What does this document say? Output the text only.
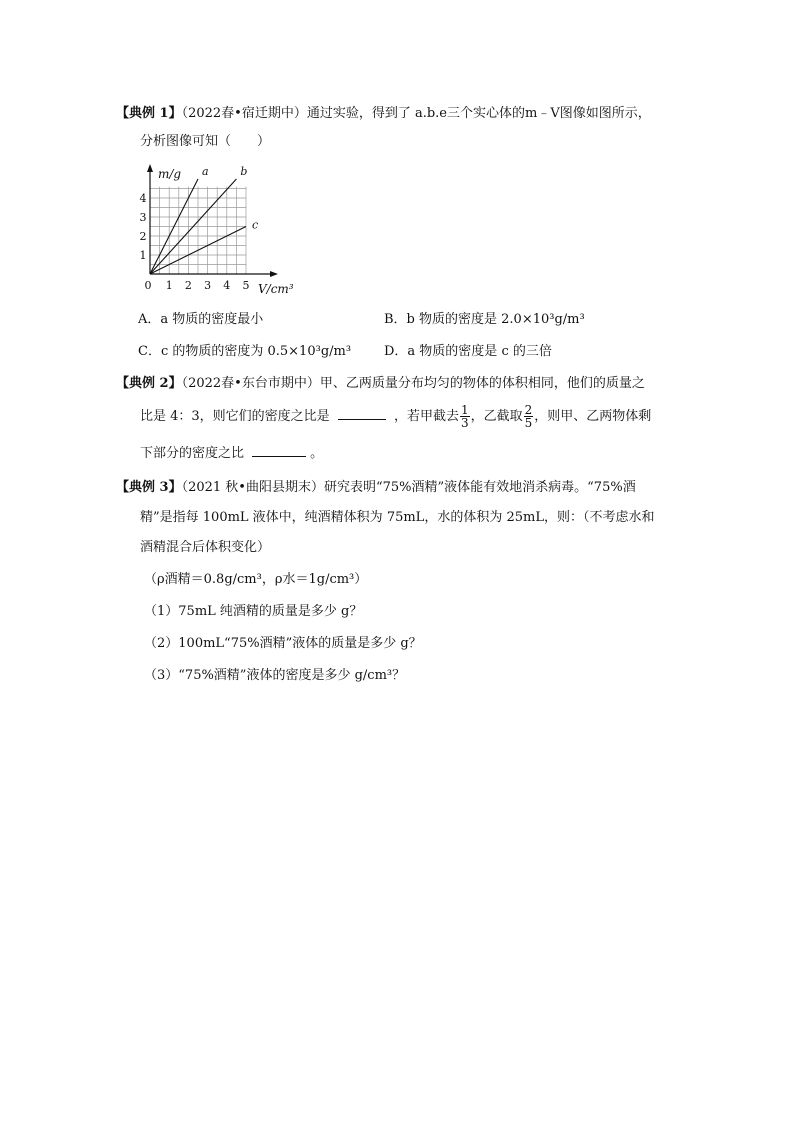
【典例 1】（2022春•宿迁期中）通过实验，得到了 a.b.e三个实心体的m﹣V图像如图所示，
分析图像可知（　　）
0 1 2 3 4 5
1
2
3
4
m/g
V/cm³
a	b
c
A．a 物质的密度最小	B．b 物质的密度是 2.0×10³g/m³
C．c 的物质的密度为 0.5×10³g/m³	D．a 物质的密度是 c 的三倍
【典例 2】（2022春•东台市期中）甲、乙两质量分布均匀的物体的体积相同，他们的质量之
比是 4：3，则它们的密度之比是	，若甲截去 $\frac{1}{3}$ ，乙截取 $\frac{2}{5}$ ，则甲、乙两物体剩
下部分的密度之比	。
【典例 3】（2021 秋•曲阳县期末）研究表明“75%酒精”液体能有效地消杀病毒。“75%酒
精”是指每 100mL 液体中，纯酒精体积为 75mL，水的体积为 25mL，则：（不考虑水和
酒精混合后体积变化）
（ρ酒精＝0.8g/cm³，ρ水＝1g/cm³）
（1）75mL 纯酒精的质量是多少 g？
（2）100mL“75%酒精”液体的质量是多少 g？
（3）“75%酒精”液体的密度是多少 g/cm³？
